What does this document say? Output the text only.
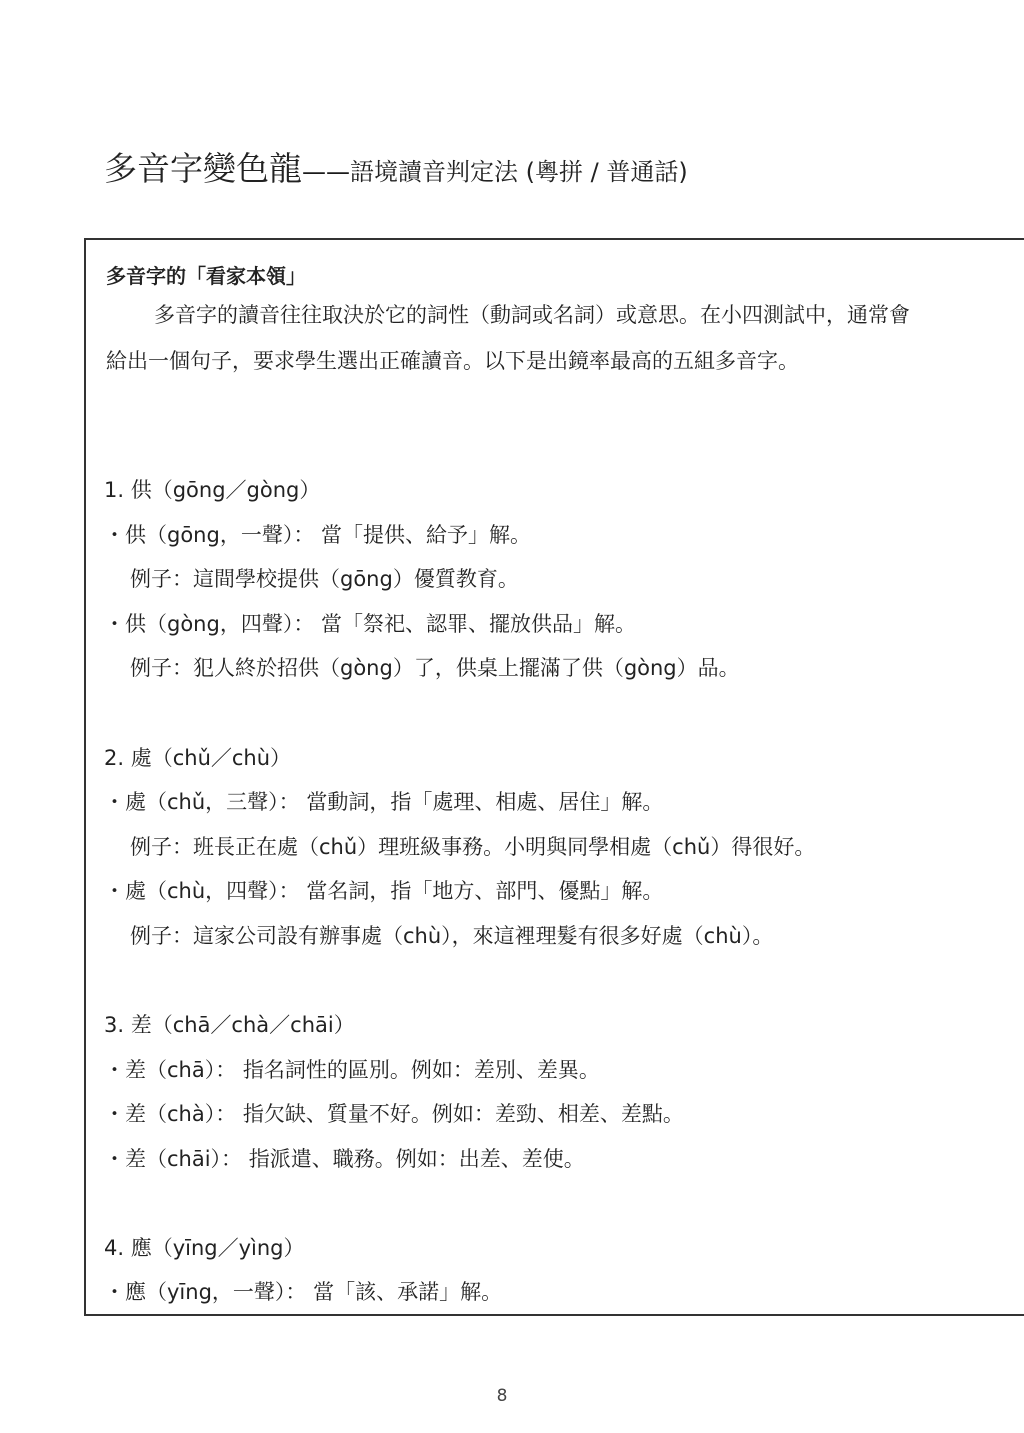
多音字變色龍——語境讀音判定法 (粵拼 / 普通話)
多音字的「看家本領」

多音字的讀音往往取決於它的詞性（動詞或名詞）或意思。在小四測試中，通常會給出一個句子，要求學生選出正確讀音。以下是出鏡率最高的五組多音字。

1. 供（gōng／gòng）
・供（gōng，一聲）： 當「提供、給予」解。
例子：這間學校提供（gōng）優質教育。
・供（gòng，四聲）： 當「祭祀、認罪、擺放供品」解。
例子：犯人終於招供（gòng）了，供桌上擺滿了供（gòng）品。
2. 處（chǔ／chù）
・處（chǔ，三聲）： 當動詞，指「處理、相處、居住」解。
例子：班長正在處（chǔ）理班級事務。小明與同學相處（chǔ）得很好。
・處（chù，四聲）： 當名詞，指「地方、部門、優點」解。
例子：這家公司設有辦事處（chù），來這裡理髮有很多好處（chù）。
3. 差（chā／chà／chāi）
・差（chā）： 指名詞性的區別。例如：差別、差異。
・差（chà）： 指欠缺、質量不好。例如：差勁、相差、差點。
・差（chāi）： 指派遣、職務。例如：出差、差使。
4. 應（yīng／yìng）
・應（yīng，一聲）： 當「該、承諾」解。
8
